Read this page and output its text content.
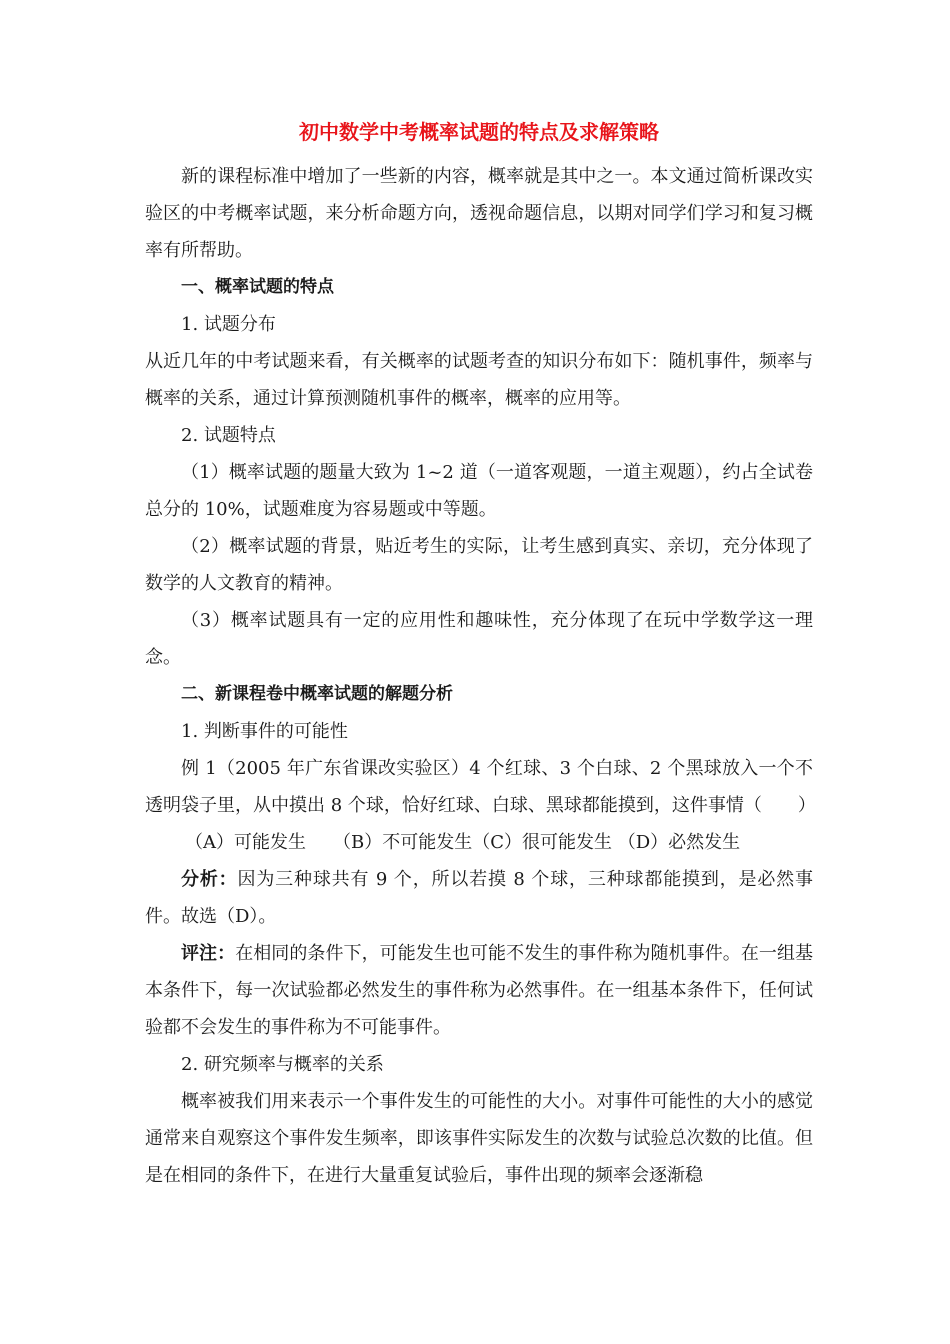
初中数学中考概率试题的特点及求解策略

新的课程标准中增加了一些新的内容，概率就是其中之一。本文通过简析课改实验区的中考概率试题，来分析命题方向，透视命题信息，以期对同学们学习和复习概率有所帮助。

一、概率试题的特点

1. 试题分布

从近几年的中考试题来看，有关概率的试题考查的知识分布如下：随机事件，频率与概率的关系，通过计算预测随机事件的概率，概率的应用等。

2. 试题特点

（1）概率试题的题量大致为 1~2 道（一道客观题，一道主观题），约占全试卷总分的 10%，试题难度为容易题或中等题。

（2）概率试题的背景，贴近考生的实际，让考生感到真实、亲切，充分体现了数学的人文教育的精神。

（3）概率试题具有一定的应用性和趣味性，充分体现了在玩中学数学这一理念。

二、新课程卷中概率试题的解题分析

1. 判断事件的可能性

例 1（2005 年广东省课改实验区）4 个红球、3 个白球、2 个黑球放入一个不透明袋子里，从中摸出 8 个球，恰好红球、白球、黑球都能摸到，这件事情（　　）

（A）可能发生　　（B）不可能发生（C）很可能发生 （D）必然发生

分析：因为三种球共有 9 个，所以若摸 8 个球，三种球都能摸到，是必然事件。故选（D）。

评注：在相同的条件下，可能发生也可能不发生的事件称为随机事件。在一组基本条件下，每一次试验都必然发生的事件称为必然事件。在一组基本条件下，任何试验都不会发生的事件称为不可能事件。

2. 研究频率与概率的关系

概率被我们用来表示一个事件发生的可能性的大小。对事件可能性的大小的感觉通常来自观察这个事件发生频率，即该事件实际发生的次数与试验总次数的比值。但是在相同的条件下，在进行大量重复试验后，事件出现的频率会逐渐稳
